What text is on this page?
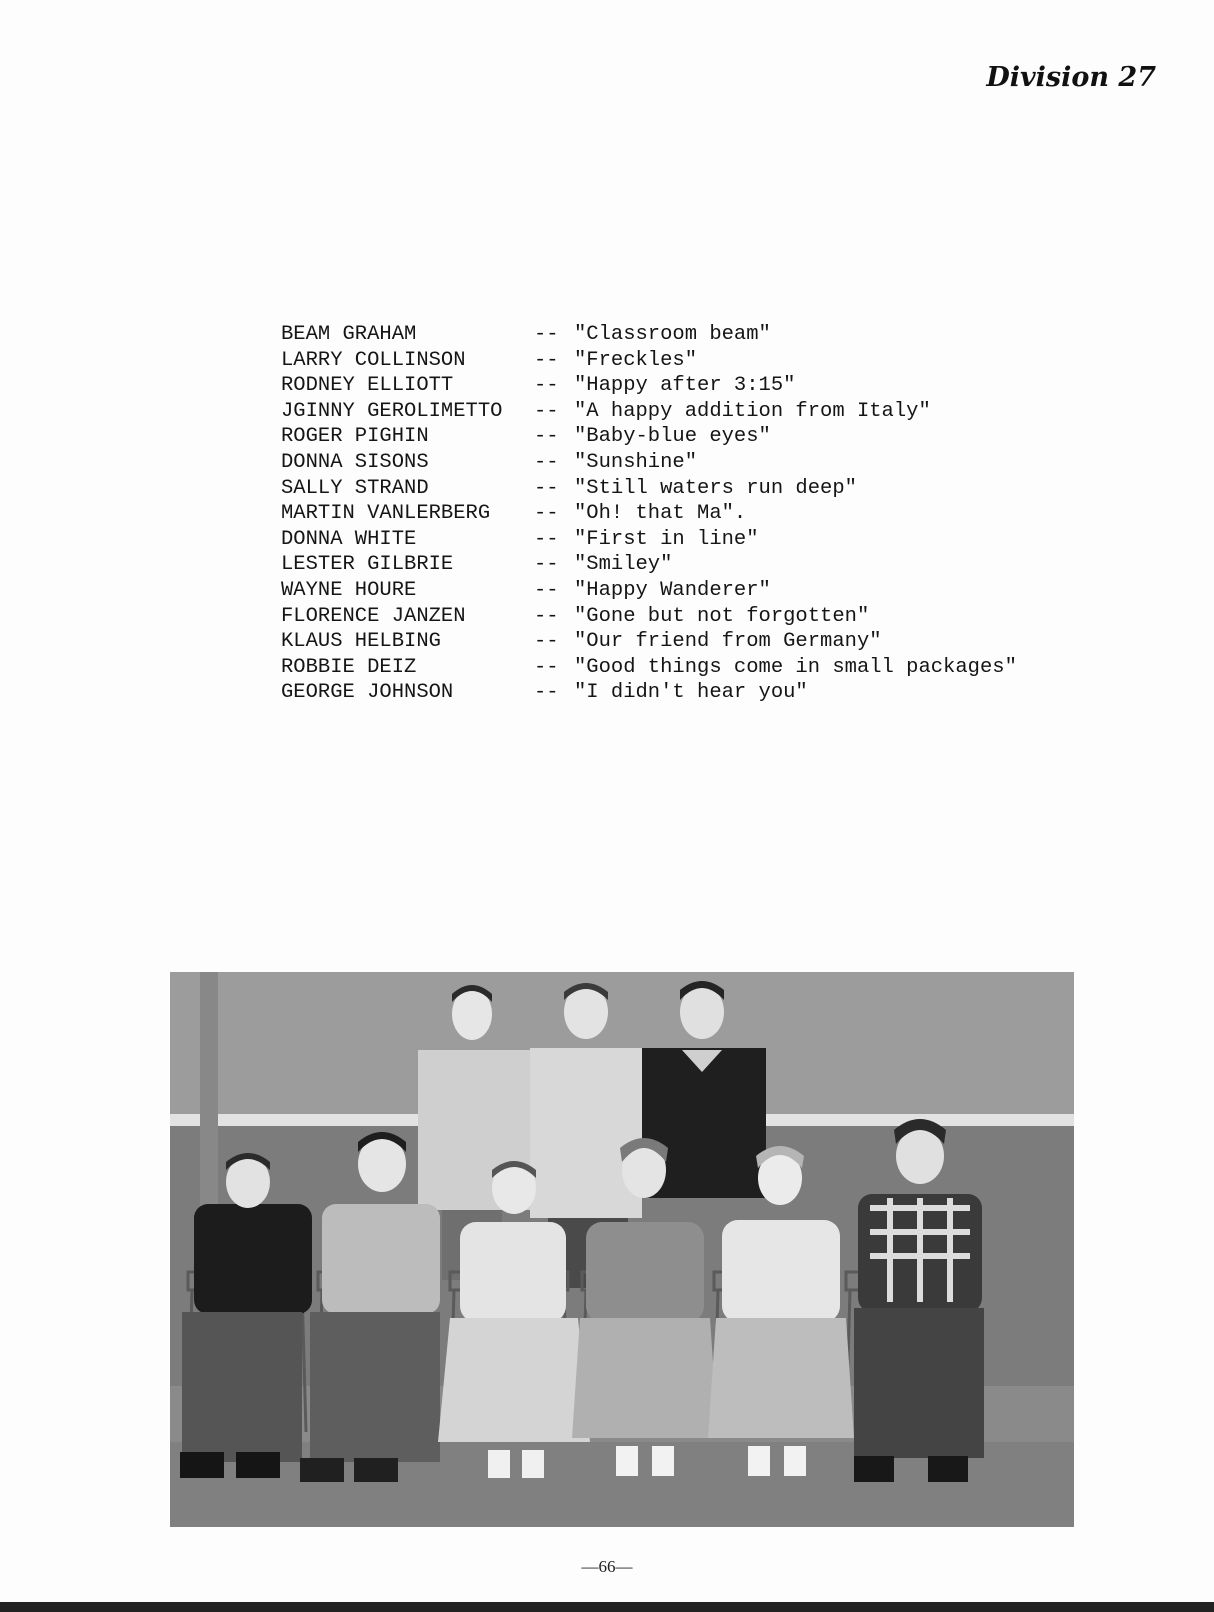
Division 27
BEAM GRAHAM	-- "Classroom beam"
LARRY COLLINSON	-- "Freckles"
RODNEY ELLIOTT	-- "Happy after 3:15"
JGINNY GEROLIMETTO	-- "A happy addition from Italy"
ROGER PIGHIN	-- "Baby-blue eyes"
DONNA SISONS	-- "Sunshine"
SALLY STRAND	-- "Still waters run deep"
MARTIN VANLERBERG	-- "Oh! that Ma".
DONNA WHITE	-- "First in line"
LESTER GILBRIE	-- "Smiley"
WAYNE HOURE	-- "Happy Wanderer"
FLORENCE JANZEN	-- "Gone but not forgotten"
KLAUS HELBING	-- "Our friend from Germany"
ROBBIE DEIZ	-- "Good things come in small packages"
GEORGE JOHNSON	-- "I didn't hear you"
—66—
